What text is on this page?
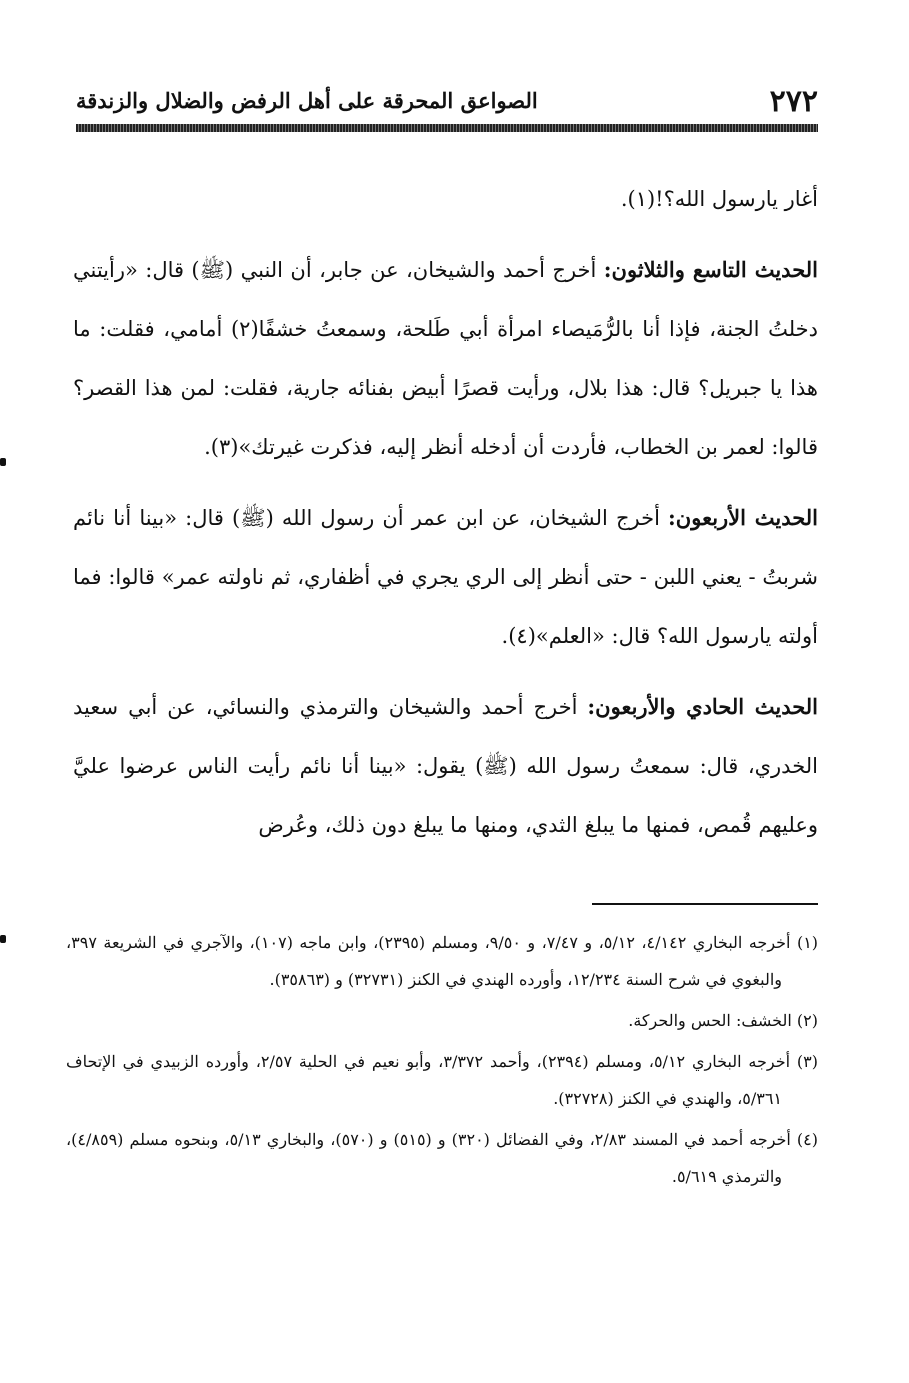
٢٧٢
الصواعق المحرقة على أهل الرفض والضلال والزندقة

أغار يارسول الله؟!(١).

الحديث التاسع والثلاثون: أخرج أحمد والشيخان، عن جابر، أن النبي (ﷺ) قال: «رأيتني دخلتُ الجنة، فإذا أنا بالرُّمَيصاء امرأة أبي طَلحة، وسمعتُ خشفًا(٢) أمامي، فقلت: ما هذا يا جبريل؟ قال: هذا بلال، ورأيت قصرًا أبيض بفنائه جارية، فقلت: لمن هذا القصر؟ قالوا: لعمر بن الخطاب، فأردت أن أدخله أنظر إليه، فذكرت غيرتك»(٣).

الحديث الأربعون: أخرج الشيخان، عن ابن عمر أن رسول الله (ﷺ) قال: «بينا أنا نائم شربتُ - يعني اللبن - حتى أنظر إلى الري يجري في أظفاري، ثم ناولته عمر» قالوا: فما أولته يارسول الله؟ قال: «العلم»(٤).

الحديث الحادي والأربعون: أخرج أحمد والشيخان والترمذي والنسائي، عن أبي سعيد الخدري، قال: سمعتُ رسول الله (ﷺ) يقول: «بينا أنا نائم رأيت الناس عرضوا عليَّ وعليهم قُمص، فمنها ما يبلغ الثدي، ومنها ما يبلغ دون ذلك، وعُرض

(١) أخرجه البخاري ٤/١٤٢، ٥/١٢، و ٧/٤٧، و ٩/٥٠، ومسلم (٢٣٩٥)، وابن ماجه (١٠٧)، والآجري في الشريعة ٣٩٧، والبغوي في شرح السنة ١٢/٢٣٤، وأورده الهندي في الكنز (٣٢٧٣١) و (٣٥٨٦٣).

(٢) الخشف: الحس والحركة.

(٣) أخرجه البخاري ٥/١٢، ومسلم (٢٣٩٤)، وأحمد ٣/٣٧٢، وأبو نعيم في الحلية ٢/٥٧، وأورده الزبيدي في الإتحاف ٥/٣٦١، والهندي في الكنز (٣٢٧٢٨).

(٤) أخرجه أحمد في المسند ٢/٨٣، وفي الفضائل (٣٢٠) و (٥١٥) و (٥٧٠)، والبخاري ٥/١٣، وبنحوه مسلم (٤/٨٥٩)، والترمذي ٥/٦١٩.
